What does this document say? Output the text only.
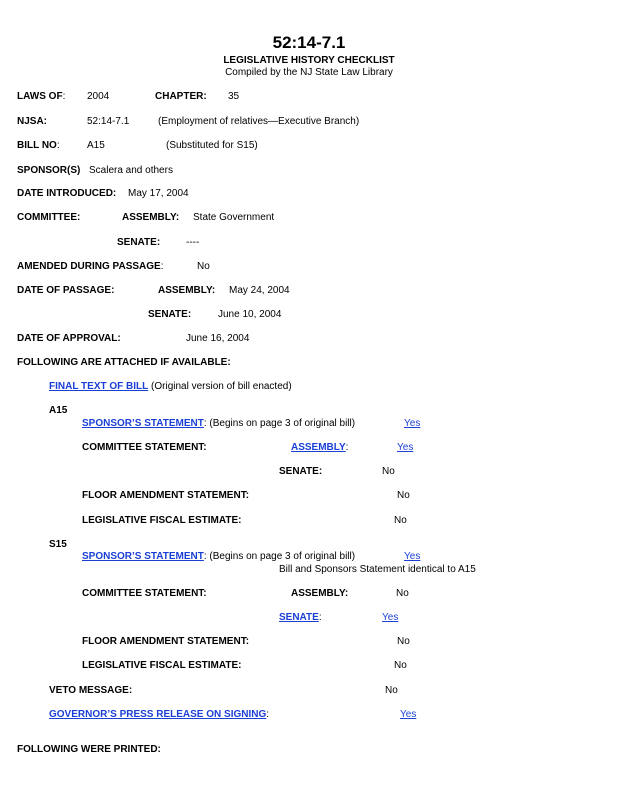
52:14-7.1
LEGISLATIVE HISTORY CHECKLIST
Compiled by the NJ State Law Library
LAWS OF: 2004	CHAPTER: 35
NJSA:	52:14-7.1	(Employment of relatives—Executive Branch)
BILL NO:	A15	(Substituted for S15)
SPONSOR(S) Scalera and others
DATE INTRODUCED: May 17, 2004
COMMITTEE:	ASSEMBLY: State Government
SENATE:	----
AMENDED DURING PASSAGE:	No
DATE OF PASSAGE:	ASSEMBLY: May 24, 2004
SENATE:	June 10, 2004
DATE OF APPROVAL:	June 16, 2004
FOLLOWING ARE ATTACHED IF AVAILABLE:
FINAL TEXT OF BILL (Original version of bill enacted)
A15
SPONSOR’S STATEMENT: (Begins on page 3 of original bill)	Yes
COMMITTEE STATEMENT:	ASSEMBLY:	Yes
SENATE:	No
FLOOR AMENDMENT STATEMENT:	No
LEGISLATIVE FISCAL ESTIMATE:	No
S15
SPONSOR’S STATEMENT: (Begins on page 3 of original bill)	Yes
Bill and Sponsors Statement identical to A15
COMMITTEE STATEMENT:	ASSEMBLY:	No
SENATE:	Yes
FLOOR AMENDMENT STATEMENT:	No
LEGISLATIVE FISCAL ESTIMATE:	No
VETO MESSAGE:	No
GOVERNOR’S PRESS RELEASE ON SIGNING:	Yes
FOLLOWING WERE PRINTED:
